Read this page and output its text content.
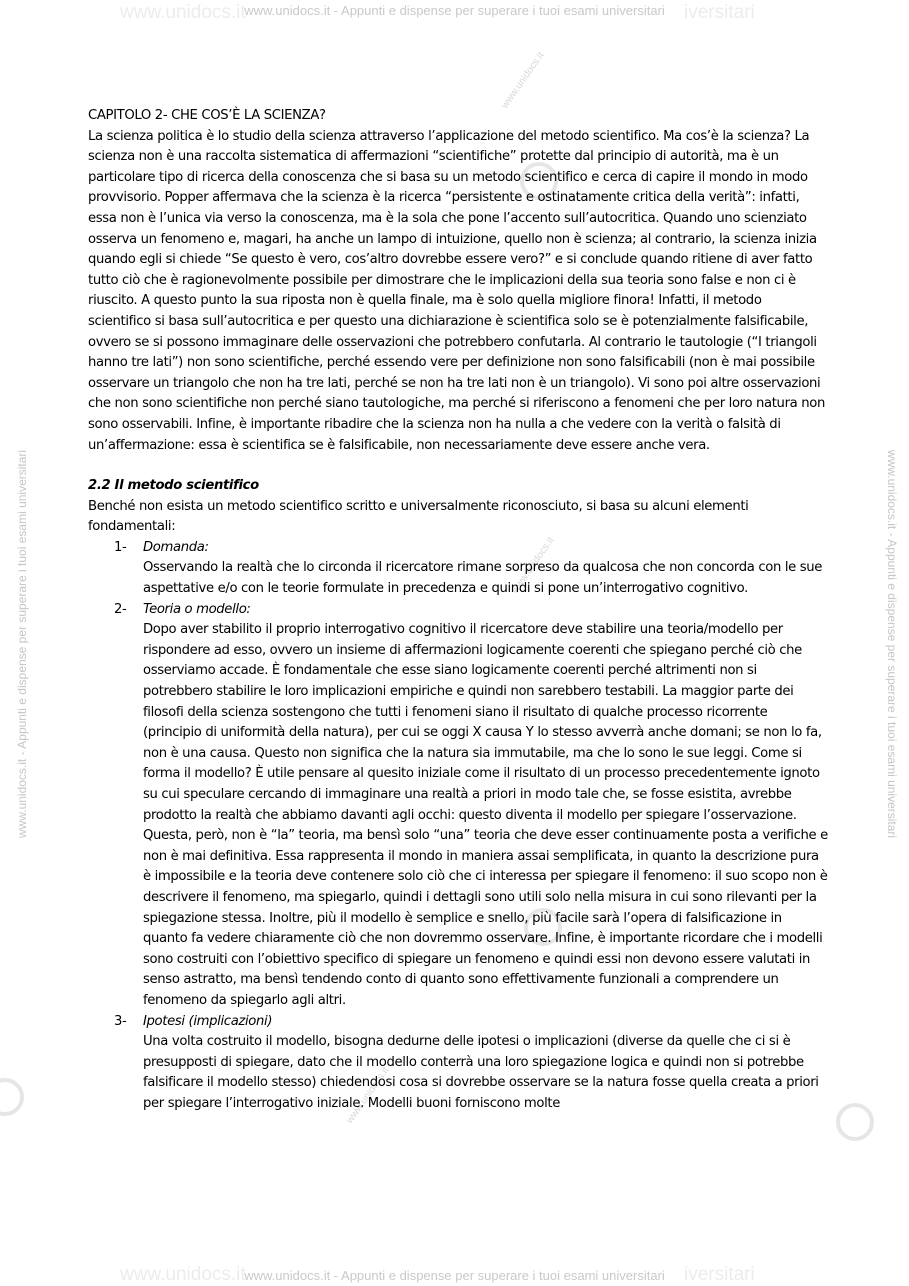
www.unidocs.it	iversitari
www.unidocs.it - Appunti e dispense per superare i tuoi esami universitari
www.unidocs.it	iversitari
www.unidocs.it - Appunti e dispense per superare i tuoi esami universitari
www.unidocs.it - Appunti e dispense per superare i tuoi esami universitari	www.unidocs.it - Appunti e dispense per superare i tuoi esami universitari
www.unidocs.it
www.unidocs.it
www.unidocs.it

CAPITOLO 2- CHE COS’È LA SCIENZA?

La scienza politica è lo studio della scienza attraverso l’applicazione del metodo scientifico. Ma cos’è la scienza? La scienza non è una raccolta sistematica di affermazioni “scientifiche” protette dal principio di autorità, ma è un particolare tipo di ricerca della conoscenza che si basa su un metodo scientifico e cerca di capire il mondo in modo provvisorio. Popper affermava che la scienza è la ricerca “persistente e ostinatamente critica della verità”: infatti, essa non è l’unica via verso la conoscenza, ma è la sola che pone l’accento sull’autocritica. Quando uno scienziato osserva un fenomeno e, magari, ha anche un lampo di intuizione, quello non è scienza; al contrario, la scienza inizia quando egli si chiede “Se questo è vero, cos’altro dovrebbe essere vero?” e si conclude quando ritiene di aver fatto tutto ciò che è ragionevolmente possibile per dimostrare che le implicazioni della sua teoria sono false e non ci è riuscito. A questo punto la sua riposta non è quella finale, ma è solo quella migliore finora! Infatti, il metodo scientifico si basa sull’autocritica e per questo una dichiarazione è scientifica solo se è potenzialmente falsificabile, ovvero se si possono immaginare delle osservazioni che potrebbero confutarla. Al contrario le tautologie (“I triangoli hanno tre lati”) non sono scientifiche, perché essendo vere per definizione non sono falsificabili (non è mai possibile osservare un triangolo che non ha tre lati, perché se non ha tre lati non è un triangolo). Vi sono poi altre osservazioni che non sono scientifiche non perché siano tautologiche, ma perché si riferiscono a fenomeni che per loro natura non sono osservabili. Infine, è importante ribadire che la scienza non ha nulla a che vedere con la verità o falsità di un’affermazione: essa è scientifica se è falsificabile, non necessariamente deve essere anche vera.

2.2 Il metodo scientifico

Benché non esista un metodo scientifico scritto e universalmente riconosciuto, si basa su alcuni elementi fondamentali:

1- Domanda:
Osservando la realtà che lo circonda il ricercatore rimane sorpreso da qualcosa che non concorda con le sue aspettative e/o con le teorie formulate in precedenza e quindi si pone un’interrogativo cognitivo.
2- Teoria o modello:
Dopo aver stabilito il proprio interrogativo cognitivo il ricercatore deve stabilire una teoria/modello per rispondere ad esso, ovvero un insieme di affermazioni logicamente coerenti che spiegano perché ciò che osserviamo accade. È fondamentale che esse siano logicamente coerenti perché altrimenti non si potrebbero stabilire le loro implicazioni empiriche e quindi non sarebbero testabili. La maggior parte dei filosofi della scienza sostengono che tutti i fenomeni siano il risultato di qualche processo ricorrente (principio di uniformità della natura), per cui se oggi X causa Y lo stesso avverrà anche domani; se non lo fa, non è una causa. Questo non significa che la natura sia immutabile, ma che lo sono le sue leggi. Come si forma il modello? È utile pensare al quesito iniziale come il risultato di un processo precedentemente ignoto su cui speculare cercando di immaginare una realtà a priori in modo tale che, se fosse esistita, avrebbe prodotto la realtà che abbiamo davanti agli occhi: questo diventa il modello per spiegare l’osservazione. Questa, però, non è “la” teoria, ma bensì solo “una” teoria che deve esser continuamente posta a verifiche e non è mai definitiva. Essa rappresenta il mondo in maniera assai semplificata, in quanto la descrizione pura è impossibile e la teoria deve contenere solo ciò che ci interessa per spiegare il fenomeno: il suo scopo non è descrivere il fenomeno, ma spiegarlo, quindi i dettagli sono utili solo nella misura in cui sono rilevanti per la spiegazione stessa. Inoltre, più il modello è semplice e snello, più facile sarà l’opera di falsificazione in quanto fa vedere chiaramente ciò che non dovremmo osservare. Infine, è importante ricordare che i modelli sono costruiti con l’obiettivo specifico di spiegare un fenomeno e quindi essi non devono essere valutati in senso astratto, ma bensì tendendo conto di quanto sono effettivamente funzionali a comprendere un fenomeno da spiegarlo agli altri.
3- Ipotesi (implicazioni)
Una volta costruito il modello, bisogna dedurne delle ipotesi o implicazioni (diverse da quelle che ci si è presupposti di spiegare, dato che il modello conterrà una loro spiegazione logica e quindi non si potrebbe falsificare il modello stesso) chiedendosi cosa si dovrebbe osservare se la natura fosse quella creata a priori per spiegare l’interrogativo iniziale. Modelli buoni forniscono molte
